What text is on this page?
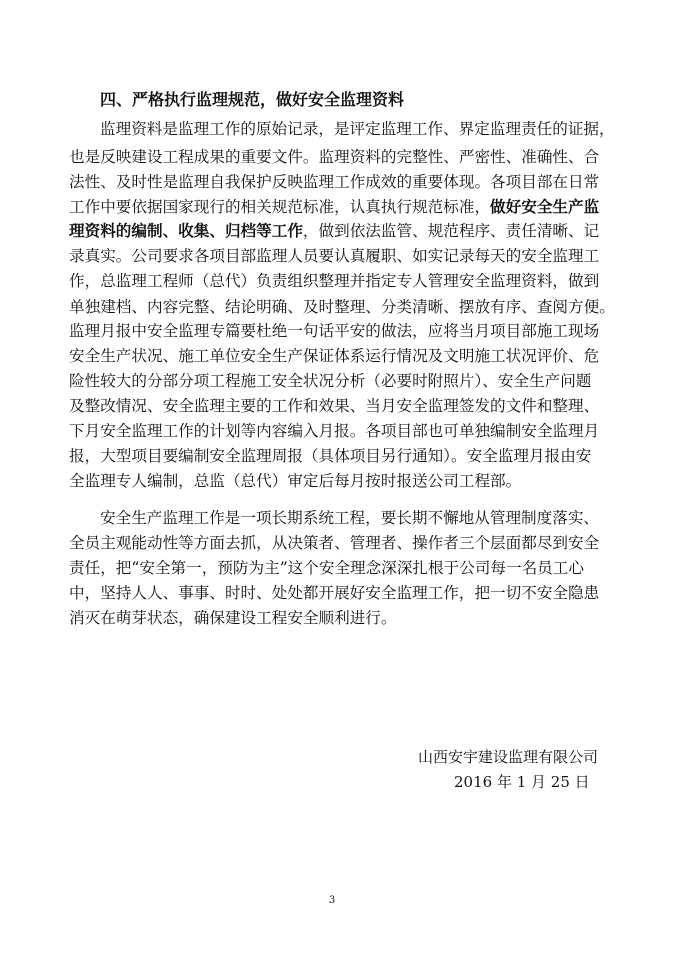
四、严格执行监理规范，做好安全监理资料
监理资料是监理工作的原始记录，是评定监理工作、界定监理责任的证据，
也是反映建设工程成果的重要文件。监理资料的完整性、严密性、准确性、合
法性、及时性是监理自我保护反映监理工作成效的重要体现。各项目部在日常
工作中要依据国家现行的相关规范标准，认真执行规范标准，做好安全生产监
理资料的编制、收集、归档等工作，做到依法监管、规范程序、责任清晰、记
录真实。公司要求各项目部监理人员要认真履职、如实记录每天的安全监理工
作，总监理工程师（总代）负责组织整理并指定专人管理安全监理资料，做到
单独建档、内容完整、结论明确、及时整理、分类清晰、摆放有序、查阅方便。
监理月报中安全监理专篇要杜绝一句话平安的做法，应将当月项目部施工现场
安全生产状况、施工单位安全生产保证体系运行情况及文明施工状况评价、危
险性较大的分部分项工程施工安全状况分析（必要时附照片）、安全生产问题
及整改情况、安全监理主要的工作和效果、当月安全监理签发的文件和整理、
下月安全监理工作的计划等内容编入月报。各项目部也可单独编制安全监理月
报，大型项目要编制安全监理周报（具体项目另行通知）。安全监理月报由安
全监理专人编制，总监（总代）审定后每月按时报送公司工程部。
安全生产监理工作是一项长期系统工程，要长期不懈地从管理制度落实、
全员主观能动性等方面去抓，从决策者、管理者、操作者三个层面都尽到安全
责任，把“安全第一，预防为主”这个安全理念深深扎根于公司每一名员工心
中，坚持人人、事事、时时、处处都开展好安全监理工作，把一切不安全隐患
消灭在萌芽状态，确保建设工程安全顺利进行。
山西安宇建设监理有限公司
2016 年 1 月 25 日
3
